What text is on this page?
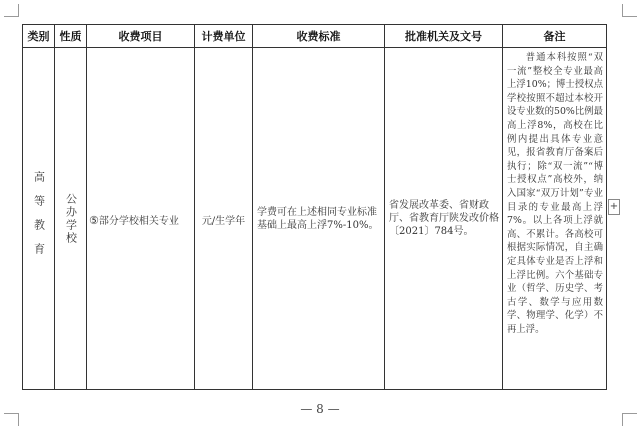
类别	性质	收费项目	计费单位	收费标准	批准机关及文号	备注

高等教育	公办学校	⑤部分学校相关专业	元/生学年	学费可在上述相同专业标准基础上最高上浮7%-10%。	省发展改革委、省财政厅、省教育厅陕发改价格〔2021〕784号。	普通本科按照“双一流”整校全专业最高上浮10%；博士授权点学校按照不超过本校开设专业数的50%比例最高上浮8%，高校在比例内提出具体专业意见，报省教育厅备案后执行；除“双一流”“博士授权点”高校外，纳入国家“双万计划”专业目录的专业最高上浮7%。以上各项上浮就高、不累计。各高校可根据实际情况，自主确定具体专业是否上浮和上浮比例。六个基础专业（哲学、历史学、考古学、数学与应用数学、物理学、化学）不再上浮。
+
— 8 —
